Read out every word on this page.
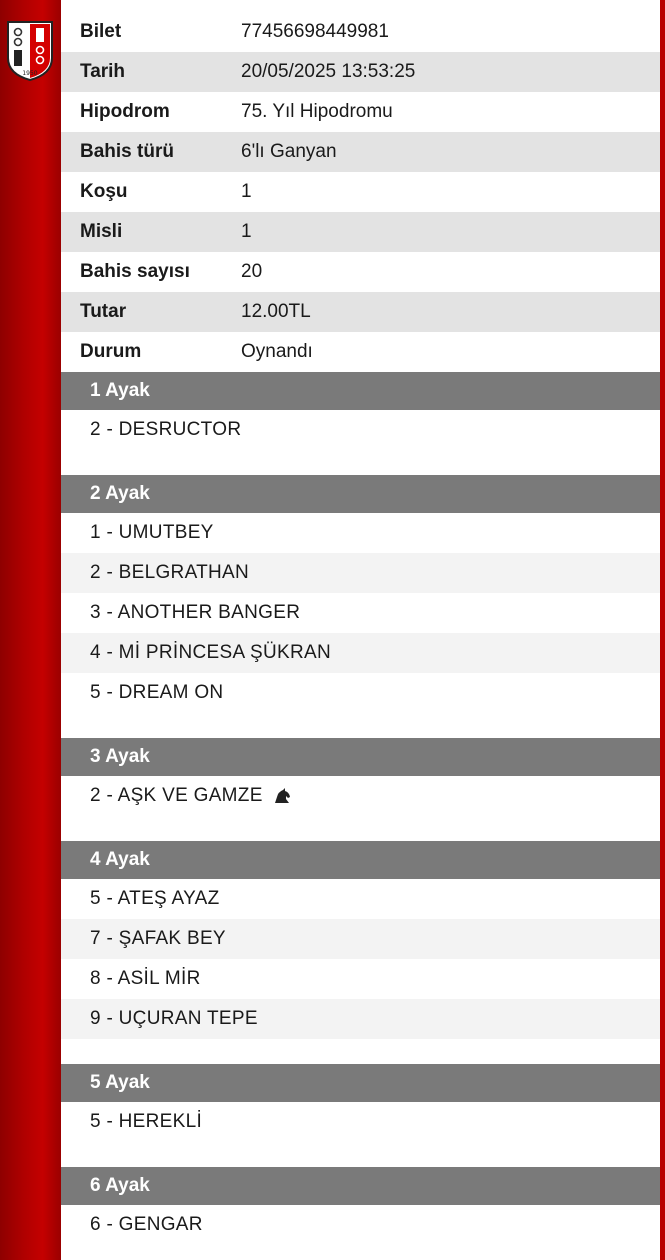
1950
Bilet	77456698449981
Tarih	20/05/2025 13:53:25
Hipodrom	75. Yıl Hipodromu
Bahis türü	6'lı Ganyan
Koşu	1
Misli	1
Bahis sayısı	20
Tutar	12.00TL
Durum	Oynandı
1 Ayak
2 - DESRUCTOR
2 Ayak
1 - UMUTBEY
2 - BELGRATHAN
3 - ANOTHER BANGER
4 - Mİ PRİNCESA ŞÜKRAN
5 - DREAM ON
3 Ayak
2 - AŞK VE GAMZE
4 Ayak
5 - ATEŞ AYAZ
7 - ŞAFAK BEY
8 - ASİL MİR
9 - UÇURAN TEPE
5 Ayak
5 - HEREKLİ
6 Ayak
6 - GENGAR
